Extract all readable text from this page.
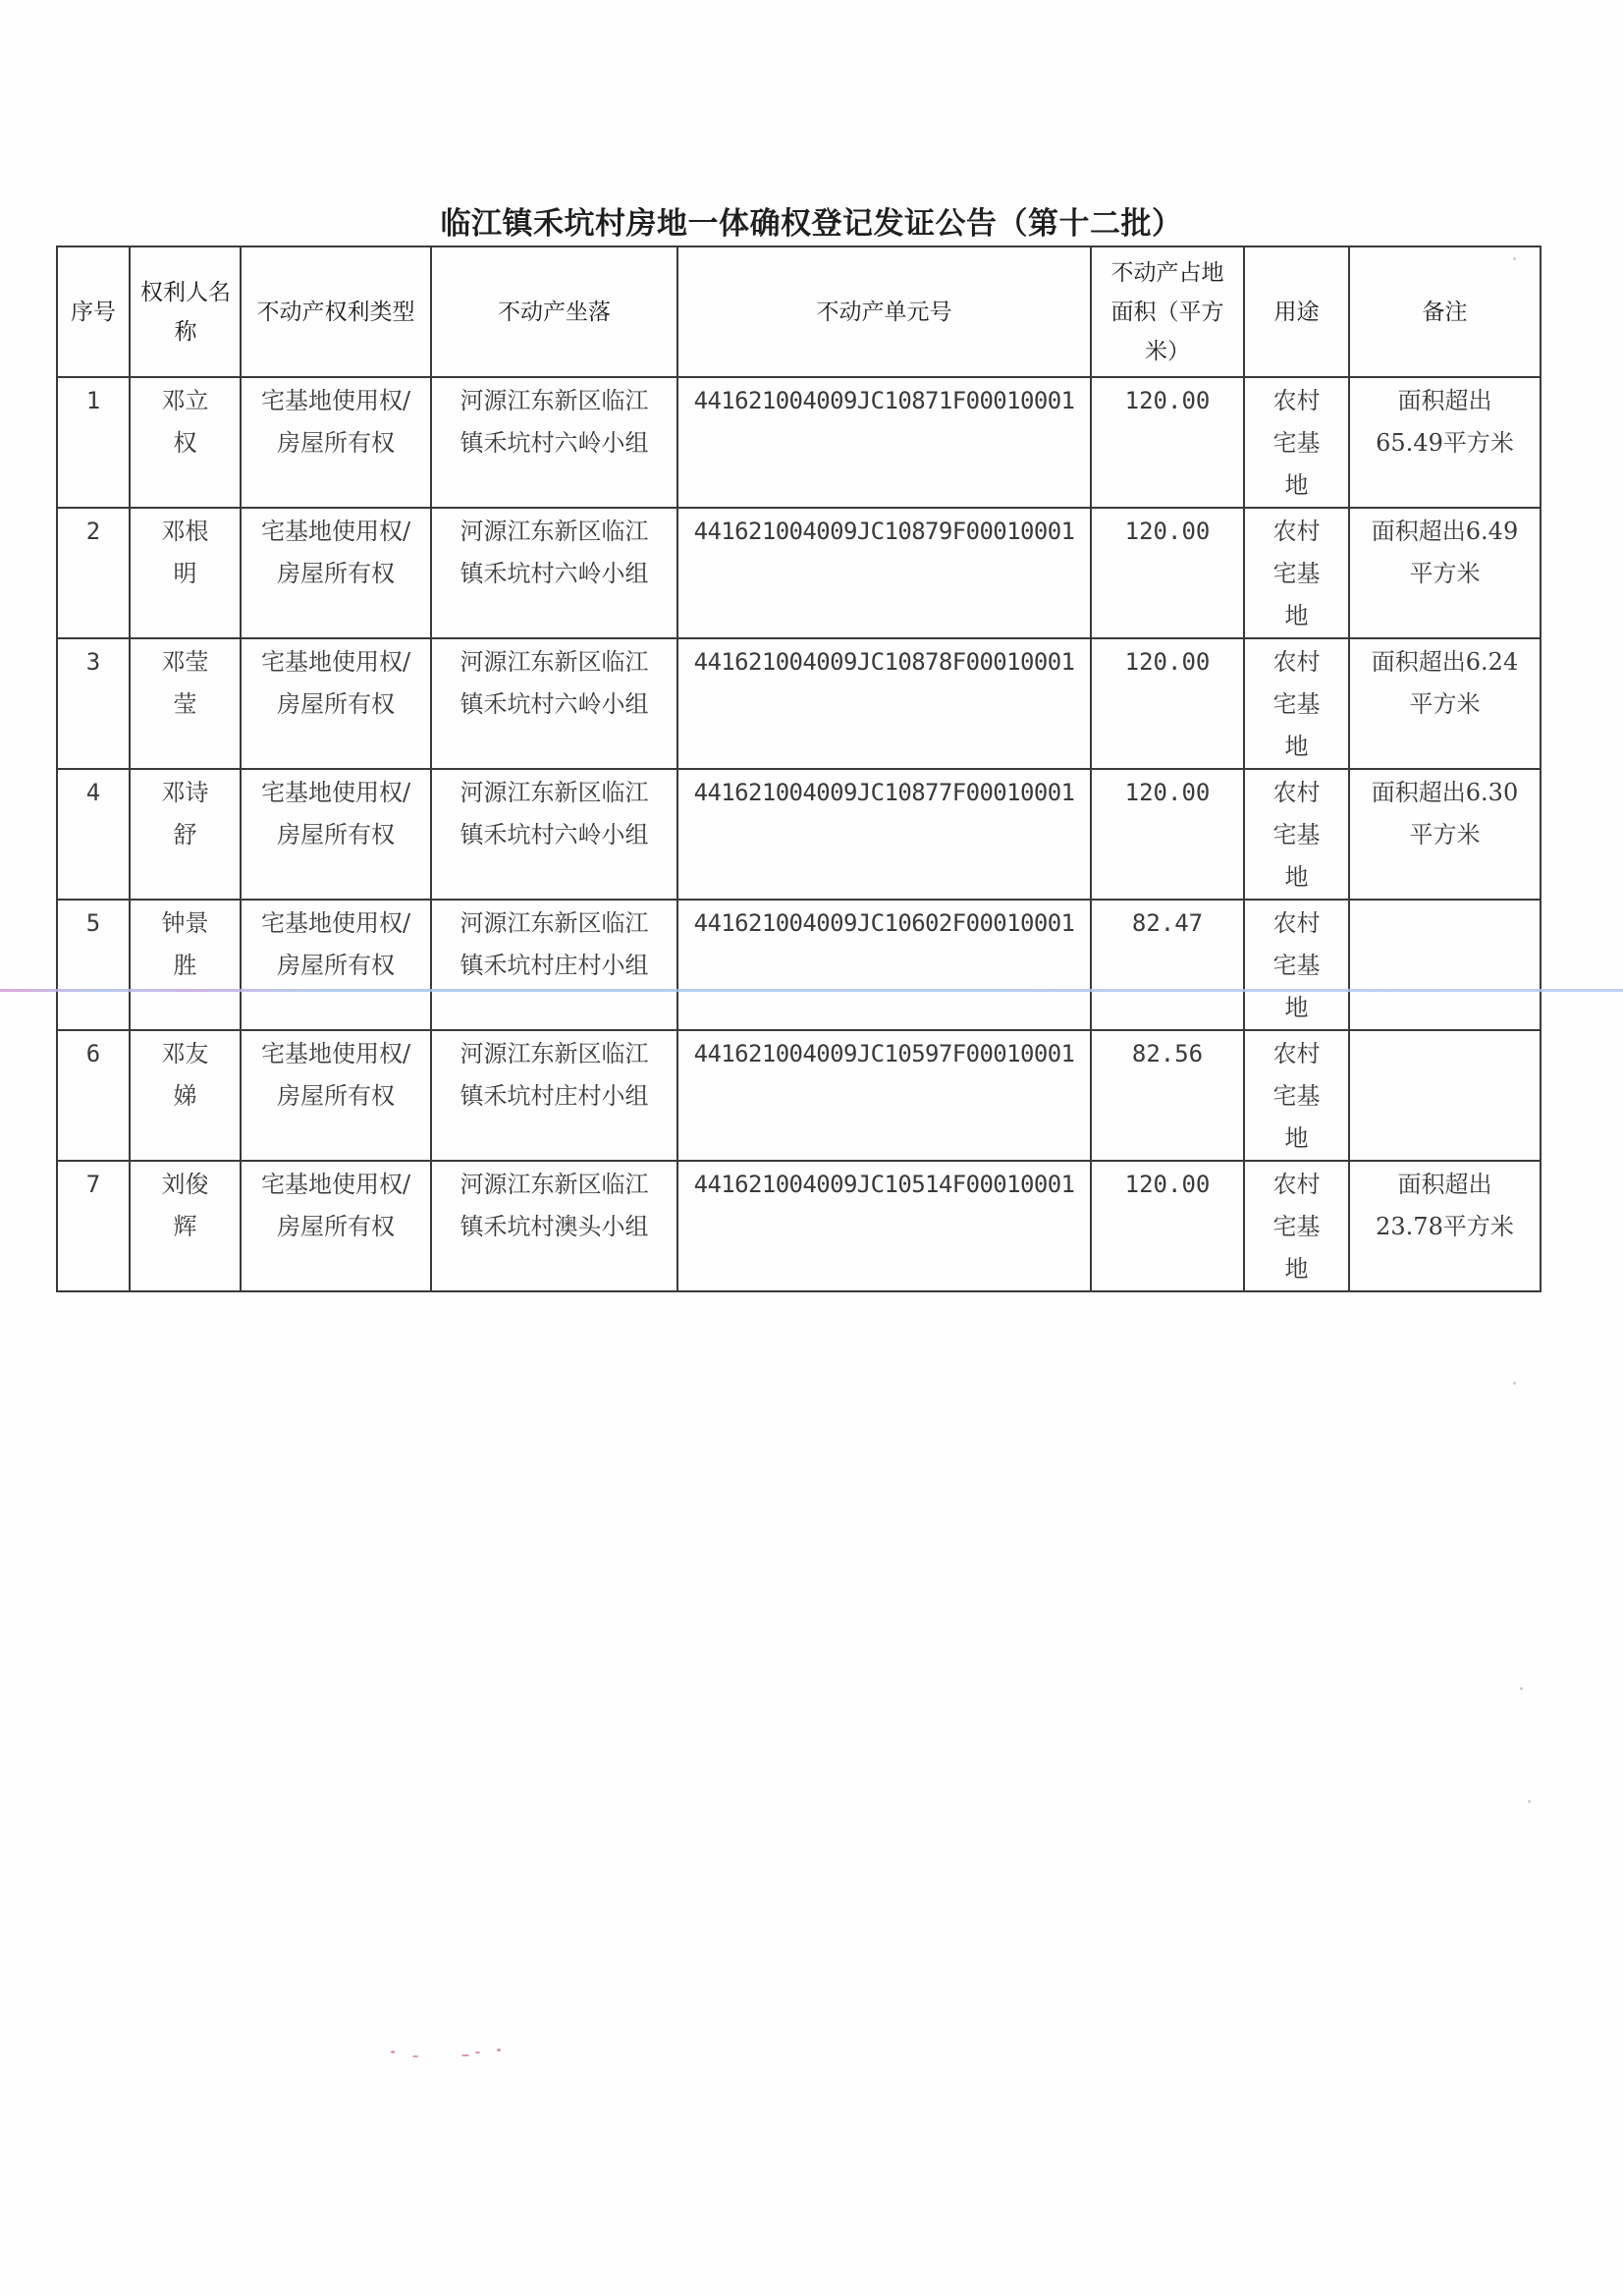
临江镇禾坑村房地一体确权登记发证公告（第十二批）
序号	权利人名称	不动产权利类型	不动产坐落	不动产单元号	不动产占地面积（平方米）	用途	备注

1	邓立权	宅基地使用权/房屋所有权	河源江东新区临江镇禾坑村六岭小组	441621004009JC10871F00010001	120.00	农村宅基地	面积超出65.49平方米

2	邓根明	宅基地使用权/房屋所有权	河源江东新区临江镇禾坑村六岭小组	441621004009JC10879F00010001	120.00	农村宅基地	面积超出6.49平方米

3	邓莹莹	宅基地使用权/房屋所有权	河源江东新区临江镇禾坑村六岭小组	441621004009JC10878F00010001	120.00	农村宅基地	面积超出6.24平方米

4	邓诗舒	宅基地使用权/房屋所有权	河源江东新区临江镇禾坑村六岭小组	441621004009JC10877F00010001	120.00	农村宅基地	面积超出6.30平方米

5	钟景胜	宅基地使用权/房屋所有权	河源江东新区临江镇禾坑村庄村小组	441621004009JC10602F00010001	82.47	农村宅基地	

6	邓友娣	宅基地使用权/房屋所有权	河源江东新区临江镇禾坑村庄村小组	441621004009JC10597F00010001	82.56	农村宅基地	

7	刘俊辉	宅基地使用权/房屋所有权	河源江东新区临江镇禾坑村澳头小组	441621004009JC10514F00010001	120.00	农村宅基地	面积超出23.78平方米
